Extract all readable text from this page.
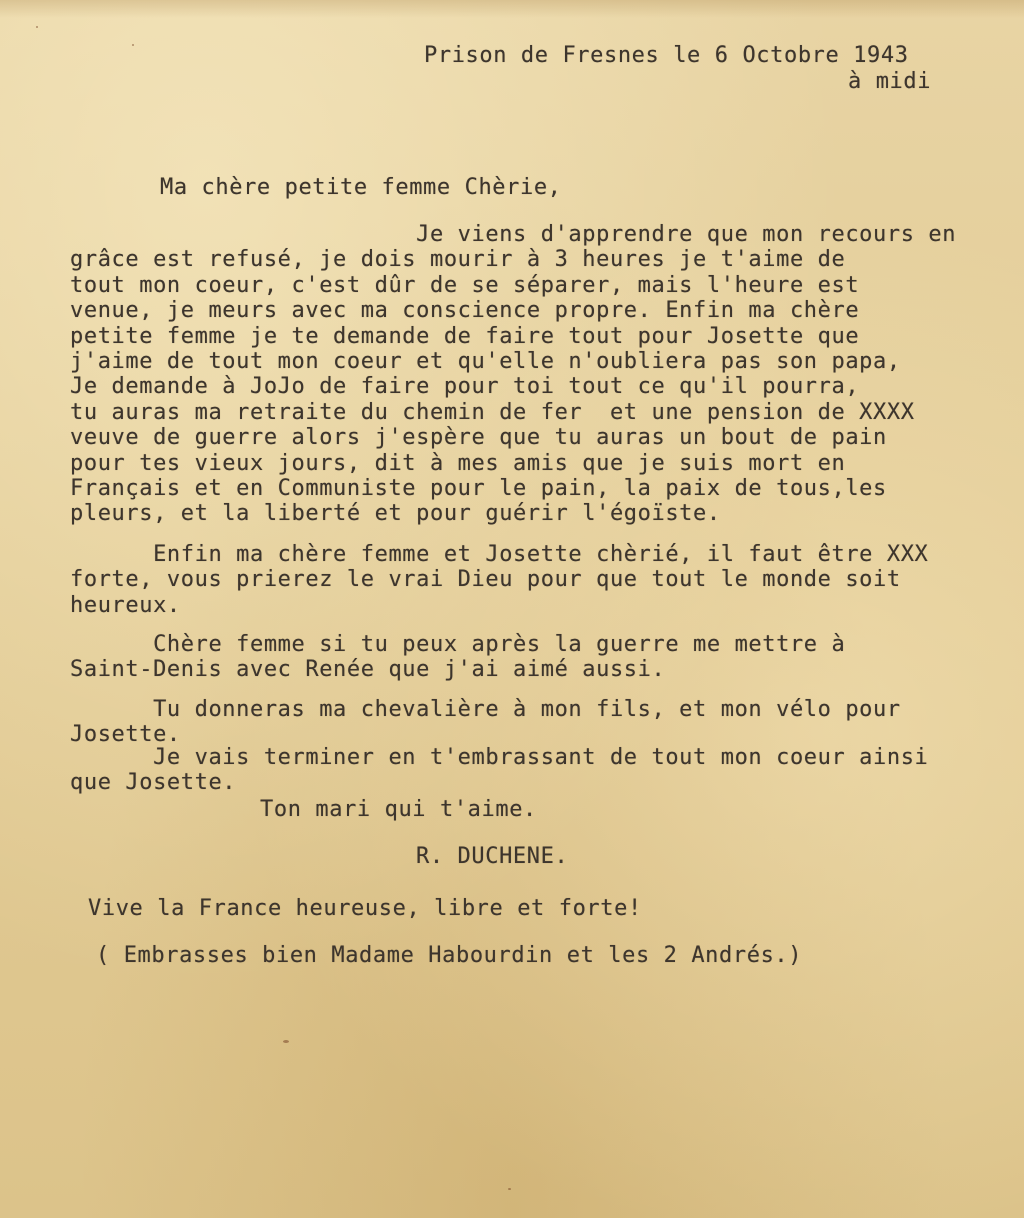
Prison de Fresnes le 6 Octobre 1943
à midi
Ma chère petite femme Chèrie,
Je viens d'apprendre que mon recours en
grâce est refusé, je dois mourir à 3 heures je t'aime de
tout mon coeur, c'est dûr de se séparer, mais l'heure est
venue, je meurs avec ma conscience propre. Enfin ma chère
petite femme je te demande de faire tout pour Josette que
j'aime de tout mon coeur et qu'elle n'oubliera pas son papa,
Je demande à JoJo de faire pour toi tout ce qu'il pourra,
tu auras ma retraite du chemin de fer  et une pension de XXXX
veuve de guerre alors j'espère que tu auras un bout de pain
pour tes vieux jours, dit à mes amis que je suis mort en
Français et en Communiste pour le pain, la paix de tous,les
pleurs, et la liberté et pour guérir l'égoïste.
Enfin ma chère femme et Josette chèrié, il faut être XXX
forte, vous prierez le vrai Dieu pour que tout le monde soit
heureux.
Chère femme si tu peux après la guerre me mettre à
Saint-Denis avec Renée que j'ai aimé aussi.
Tu donneras ma chevalière à mon fils, et mon vélo pour
Josette.
Je vais terminer en t'embrassant de tout mon coeur ainsi
que Josette.
Ton mari qui t'aime.
R. DUCHENE.
Vive la France heureuse, libre et forte!
( Embrasses bien Madame Habourdin et les 2 Andrés.)
